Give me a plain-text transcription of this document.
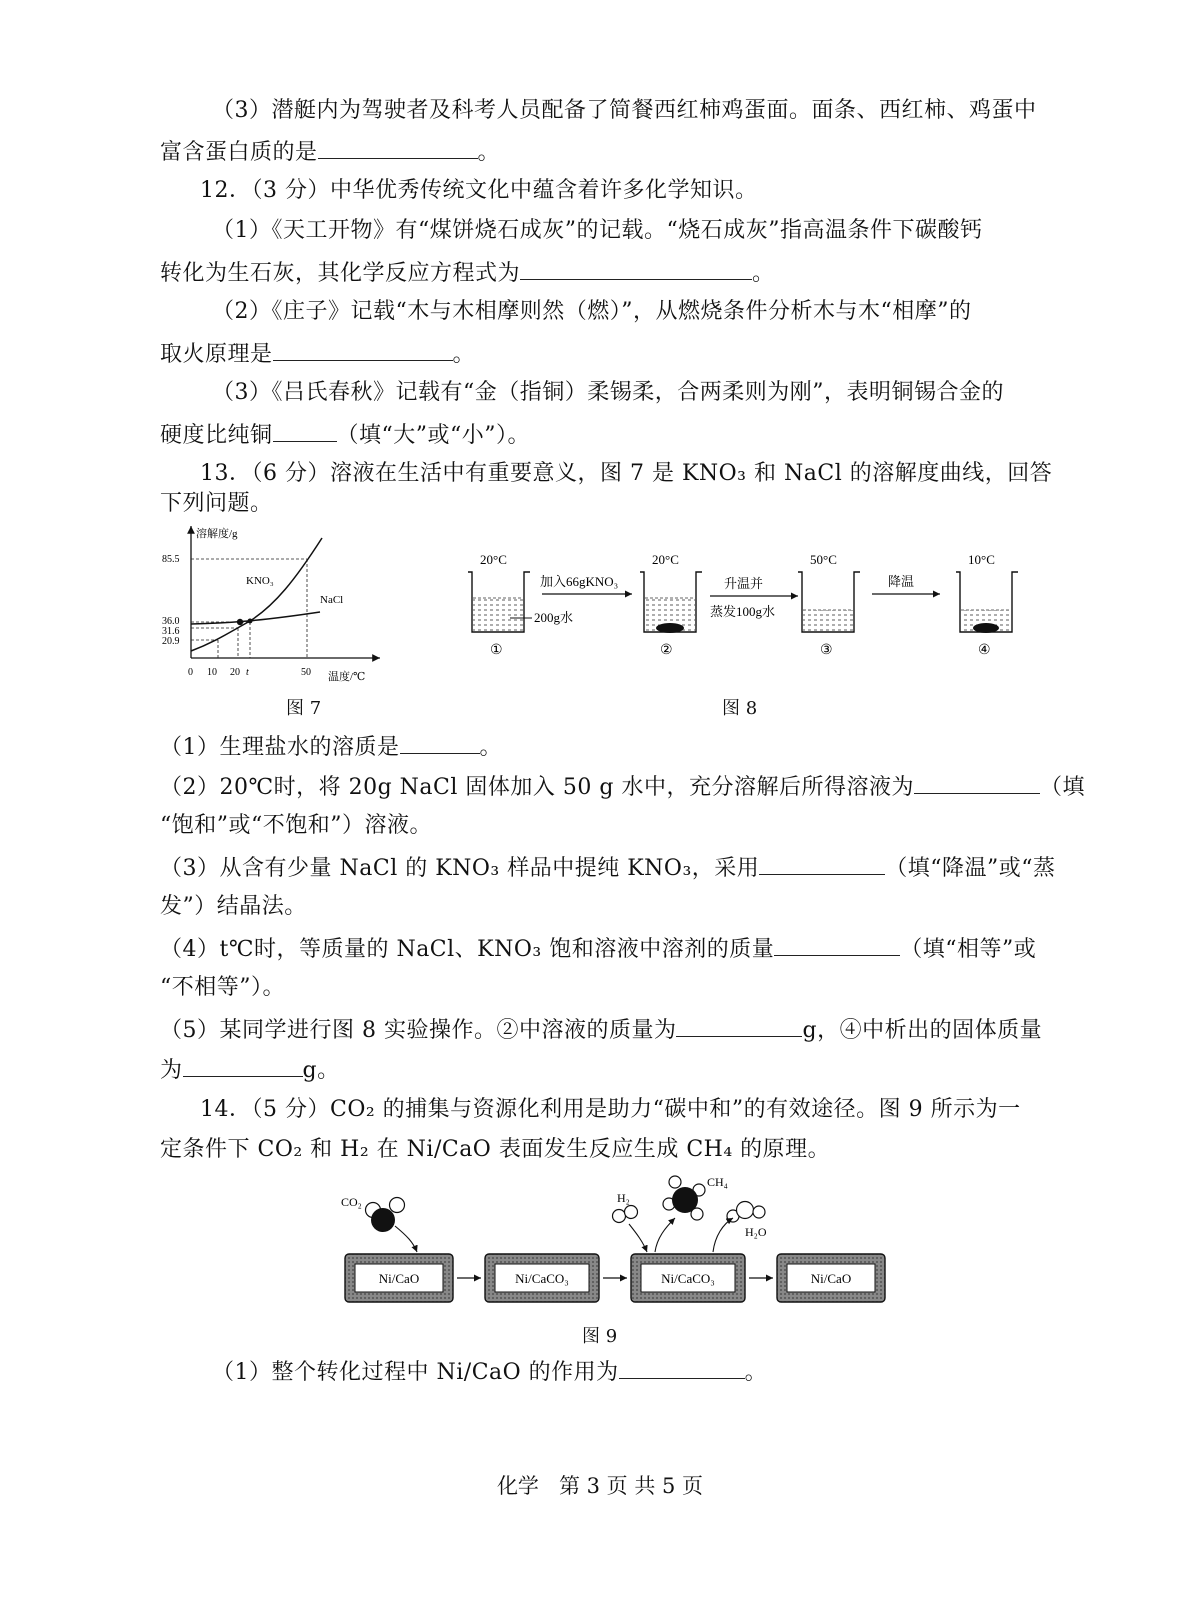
（3）潜艇内为驾驶者及科考人员配备了简餐西红柿鸡蛋面。面条、西红柿、鸡蛋中
富含蛋白质的是	。
12．（3 分）中华优秀传统文化中蕴含着许多化学知识。
（1）《天工开物》有“煤饼烧石成灰”的记载。“烧石成灰”指高温条件下碳酸钙
转化为生石灰，其化学反应方程式为	。
（2）《庄子》记载“木与木相摩则然（燃）”，从燃烧条件分析木与木“相摩”的
取火原理是	。
（3）《吕氏春秋》记载有“金（指铜）柔锡柔，合两柔则为刚”，表明铜锡合金的
硬度比纯铜	（填“大”或“小”）。
13．（6 分）溶液在生活中有重要意义，图 7 是 KNO₃ 和 NaCl 的溶解度曲线，回答
下列问题。
溶解度/g
温度/℃
85.5
36.0
31.6
20.9
0 10 20 t	50
KNO₃
NaCl
图 7
20°C
200g水
①
加入66gKNO₃
20°C
②
升温并
蒸发100g水
50°C
③
降温
10°C
④
图 8
（1）生理盐水的溶质是	。
（2）20℃时，将 20g NaCl 固体加入 50 g 水中，充分溶解后所得溶液为	（填
“饱和”或“不饱和”）溶液。
（3）从含有少量 NaCl 的 KNO₃ 样品中提纯 KNO₃，采用	（填“降温”或“蒸
发”）结晶法。
（4）t℃时，等质量的 NaCl、KNO₃ 饱和溶液中溶剂的质量	（填“相等”或
“不相等”）。
（5）某同学进行图 8 实验操作。②中溶液的质量为	g，④中析出的固体质量
为	g。
14．（5 分）CO₂ 的捕集与资源化利用是助力“碳中和”的有效途径。图 9 所示为一
定条件下 CO₂ 和 H₂ 在 Ni/CaO 表面发生反应生成 CH₄ 的原理。
CO₂	H₂
CH₄
H₂O
Ni/CaO	Ni/CaCO₃	Ni/CaCO₃	Ni/CaO
图 9
（1）整个转化过程中 Ni/CaO 的作用为	。
化学   第 3 页 共 5 页
